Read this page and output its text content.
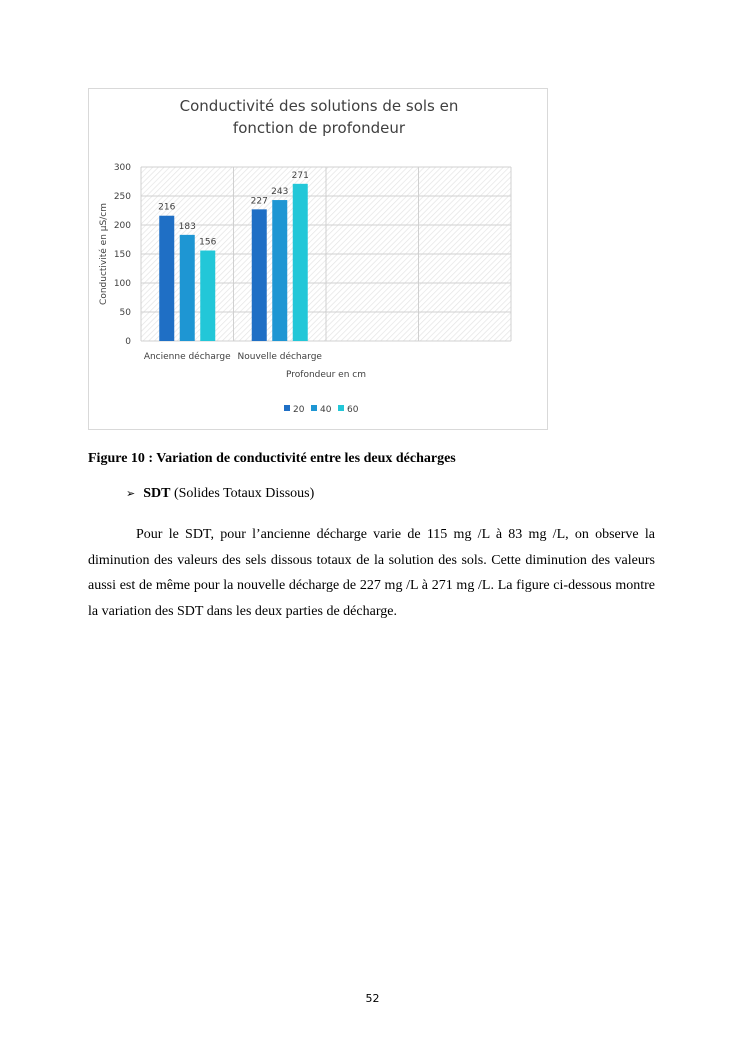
Conductivité des solutions de sols en
fonction de profondeur
0
50
100
150
200
250
300
216
183
156
Ancienne décharge
227
243
271
Nouvelle décharge
Conductivité en µS/cm
Profondeur en cm
20 40 60
Figure 10 : Variation de conductivité entre les deux décharges
➢ SDT (Solides Totaux Dissous)

Pour le SDT, pour l’ancienne décharge varie de 115 mg /L à 83 mg /L, on observe la diminution des valeurs des sels dissous totaux de la solution des sols. Cette diminution des valeurs aussi est de même pour la nouvelle décharge de 227 mg /L à 271 mg /L. La figure ci-dessous montre la variation des SDT dans les deux parties de décharge.

52
